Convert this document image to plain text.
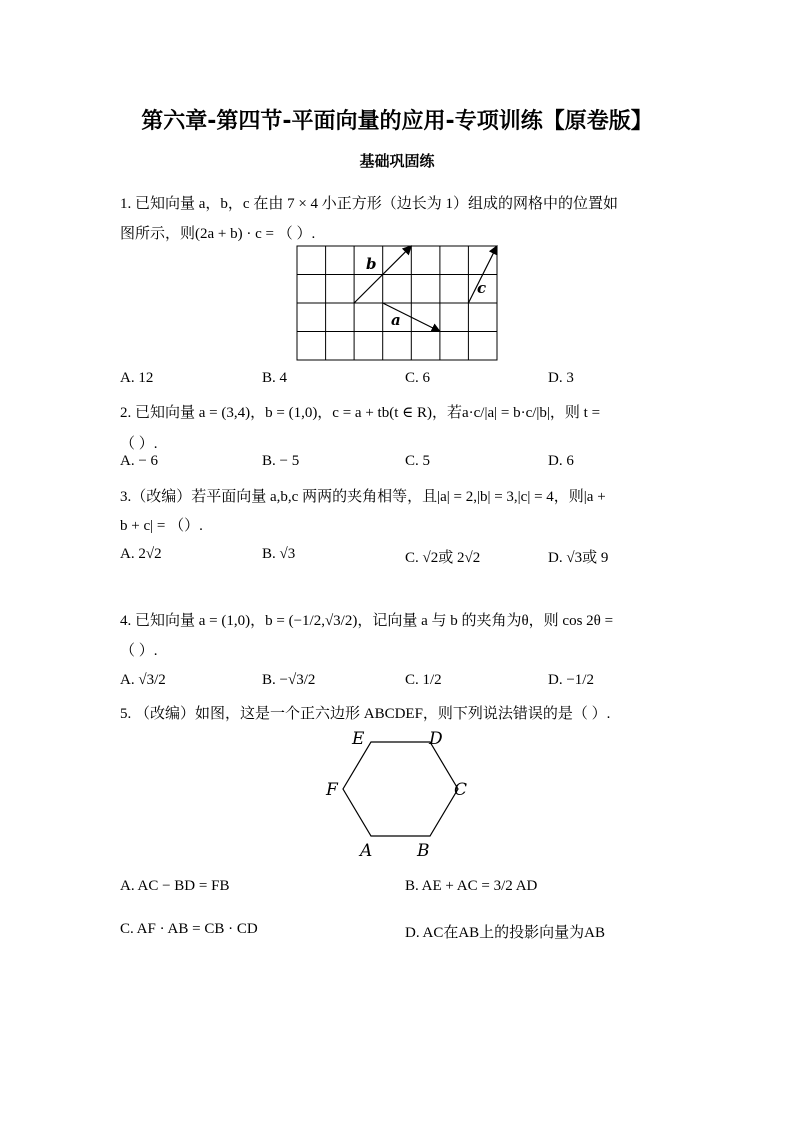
第六章-第四节-平面向量的应用-专项训练【原卷版】
基础巩固练
1. 已知向量 a，b，c 在由 7 × 4 小正方形（边长为 1）组成的网格中的位置如
图所示，则(2a + b) · c = （ ）.
b
a
c
A. 12	B. 4	C. 6	D. 3
2. 已知向量 a = (3,4)，b = (1,0)，c = a + tb(t ∈ R)，若a·c/|a| = b·c/|b|，则 t =
（ ）.
A. − 6	B. − 5	C. 5	D. 6
3.（改编）若平面向量 a,b,c 两两的夹角相等，且|a| = 2,|b| = 3,|c| = 4，则|a +
b + c| = （）.
A. 2√2	B. √3	C. √2或 2√2	D. √3或 9
4. 已知向量 a = (1,0)，b = (−1/2,√3/2)，记向量 a 与 b 的夹角为θ，则 cos 2θ =
（ ）.
A. √3/2	B. −√3/2	C. 1/2	D. −1/2
5. （改编）如图，这是一个正六边形 ABCDEF，则下列说法错误的是（ ）.
A	B
C
D
E
F
A. AC − BD = FB	B. AE + AC = 3/2 AD
C. AF · AB = CB · CD	D. AC在AB上的投影向量为AB
